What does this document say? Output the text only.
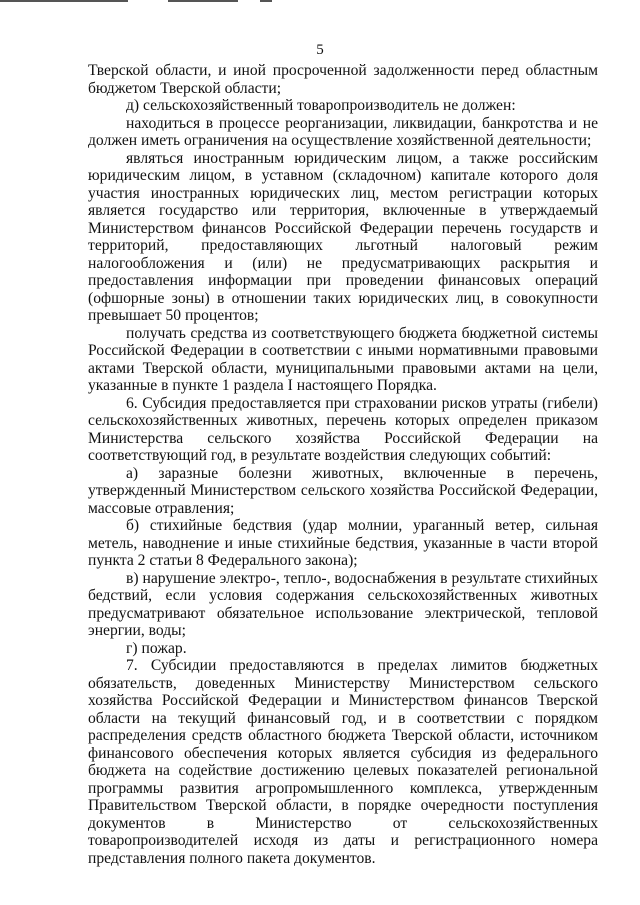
5

Тверской области, и иной просроченной задолженности перед областным бюджетом Тверской области;

д) сельскохозяйственный товаропроизводитель не должен:

находиться в процессе реорганизации, ликвидации, банкротства и не должен иметь ограничения на осуществление хозяйственной деятельности;

являться иностранным юридическим лицом, а также российским юридическим лицом, в уставном (складочном) капитале которого доля участия иностранных юридических лиц, местом регистрации которых является государство или территория, включенные в утверждаемый Министерством финансов Российской Федерации перечень государств и территорий, предоставляющих льготный налоговый режим налогообложения и (или) не предусматривающих раскрытия и предоставления информации при проведении финансовых операций (офшорные зоны) в отношении таких юридических лиц, в совокупности превышает 50 процентов;

получать средства из соответствующего бюджета бюджетной системы Российской Федерации в соответствии с иными нормативными правовыми актами Тверской области, муниципальными правовыми актами на цели, указанные в пункте 1 раздела I настоящего Порядка.

6. Субсидия предоставляется при страховании рисков утраты (гибели) сельскохозяйственных животных, перечень которых определен приказом Министерства сельского хозяйства Российской Федерации на соответствующий год, в результате воздействия следующих событий:

а) заразные болезни животных, включенные в перечень, утвержденный Министерством сельского хозяйства Российской Федерации, массовые отравления;

б) стихийные бедствия (удар молнии, ураганный ветер, сильная метель, наводнение и иные стихийные бедствия, указанные в части второй пункта 2 статьи 8 Федерального закона);

в) нарушение электро-, тепло-, водоснабжения в результате стихийных бедствий, если условия содержания сельскохозяйственных животных предусматривают обязательное использование электрической, тепловой энергии, воды;

г) пожар.

7. Субсидии предоставляются в пределах лимитов бюджетных обязательств, доведенных Министерству Министерством сельского хозяйства Российской Федерации и Министерством финансов Тверской области на текущий финансовый год, и в соответствии с порядком распределения средств областного бюджета Тверской области, источником финансового обеспечения которых является субсидия из федерального бюджета на содействие достижению целевых показателей региональной программы развития агропромышленного комплекса, утвержденным Правительством Тверской области, в порядке очередности поступления документов в Министерство от сельскохозяйственных товаропроизводителей исходя из даты и регистрационного номера представления полного пакета документов.
